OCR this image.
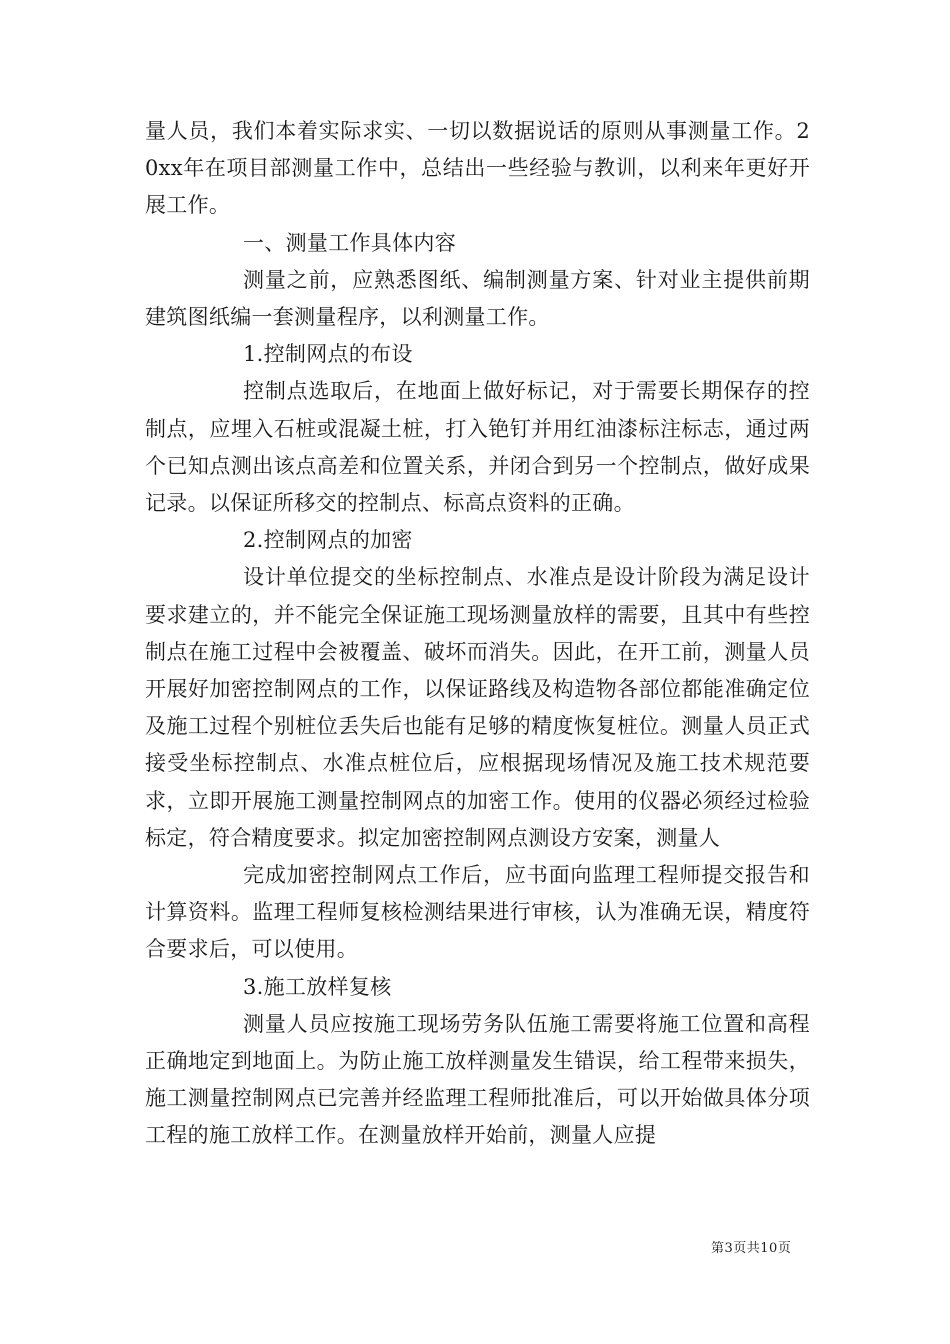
量人员，我们本着实际求实、一切以数据说话的原则从事测量工作。20xx年在项目部测量工作中，总结出一些经验与教训，以利来年更好开展工作。

一、测量工作具体内容

测量之前，应熟悉图纸、编制测量方案、针对业主提供前期建筑图纸编一套测量程序，以利测量工作。

1.控制网点的布设

控制点选取后，在地面上做好标记，对于需要长期保存的控制点，应埋入石桩或混凝土桩，打入铯钉并用红油漆标注标志，通过两个已知点测出该点高差和位置关系，并闭合到另一个控制点，做好成果记录。以保证所移交的控制点、标高点资料的正确。

2.控制网点的加密

设计单位提交的坐标控制点、水准点是设计阶段为满足设计要求建立的，并不能完全保证施工现场测量放样的需要，且其中有些控制点在施工过程中会被覆盖、破坏而消失。因此，在开工前，测量人员开展好加密控制网点的工作，以保证路线及构造物各部位都能准确定位及施工过程个别桩位丢失后也能有足够的精度恢复桩位。测量人员正式接受坐标控制点、水准点桩位后，应根据现场情况及施工技术规范要求，立即开展施工测量控制网点的加密工作。使用的仪器必须经过检验标定，符合精度要求。拟定加密控制网点测设方安案，测量人

完成加密控制网点工作后，应书面向监理工程师提交报告和计算资料。监理工程师复核检测结果进行审核，认为准确无误，精度符合要求后，可以使用。

3.施工放样复核

测量人员应按施工现场劳务队伍施工需要将施工位置和高程正确地定到地面上。为防止施工放样测量发生错误，给工程带来损失，施工测量控制网点已完善并经监理工程师批准后，可以开始做具体分项工程的施工放样工作。在测量放样开始前，测量人应提

第3页共10页
